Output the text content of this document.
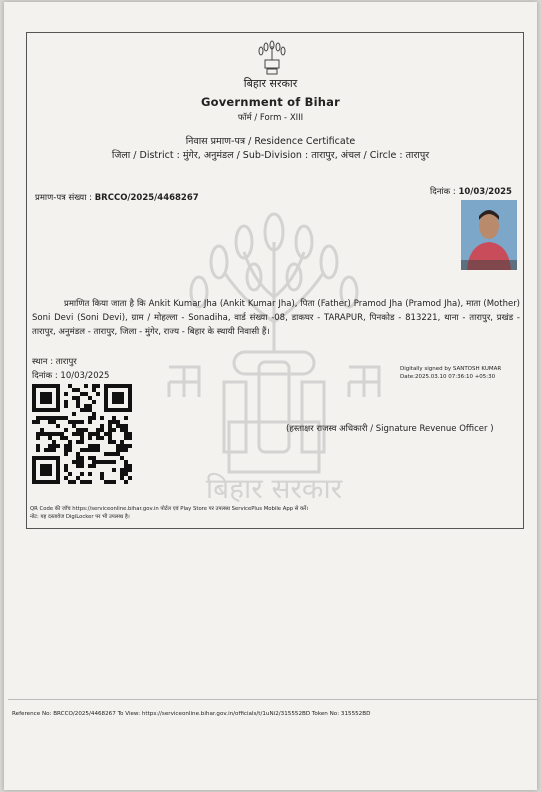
बिहार सरकार
बिहार सरकार
Government of Bihar
फॉर्म / Form - XIII
निवास प्रमाण-पत्र / Residence Certificate
जिला / District : मुंगेर, अनुमंडल / Sub-Division : तारापुर, अंचल / Circle : तारापुर
प्रमाण-पत्र संख्या : BRCCO/2025/4468267
दिनांक : 10/03/2025
प्रमाणित किया जाता है कि Ankit Kumar Jha (Ankit Kumar Jha), पिता (Father) Pramod Jha (Pramod Jha), माता (Mother) Soni Devi (Soni Devi), ग्राम / मोहल्ला - Sonadiha, वार्ड संख्या -08, डाकघर - TARAPUR, पिनकोड - 813221, थाना - तारापुर, प्रखंड - तारापुर, अनुमंडल - तारापुर, जिला - मुंगेर, राज्य - बिहार के स्थायी निवासी हैं।
स्थान : तारापुर
दिनांक : 10/03/2025
Digitally signed by SANTOSH KUMAR
Date:2025.03.10 07:36:10 +05:30
(हस्ताक्षर राजस्व अधिकारी / Signature Revenue Officer )
QR Code की जाँच https://serviceonline.bihar.gov.in पोर्टल एवं Play Store पर उपलब्ध ServicePlus Mobile App से करें।
नोट: यह दस्तावेज DigiLocker पर भी उपलब्ध है।
Reference No: BRCCO/2025/4468267 To View: https://serviceonline.bihar.gov.in/officials/t/1uNi2/315552BD Token No: 315552BD
